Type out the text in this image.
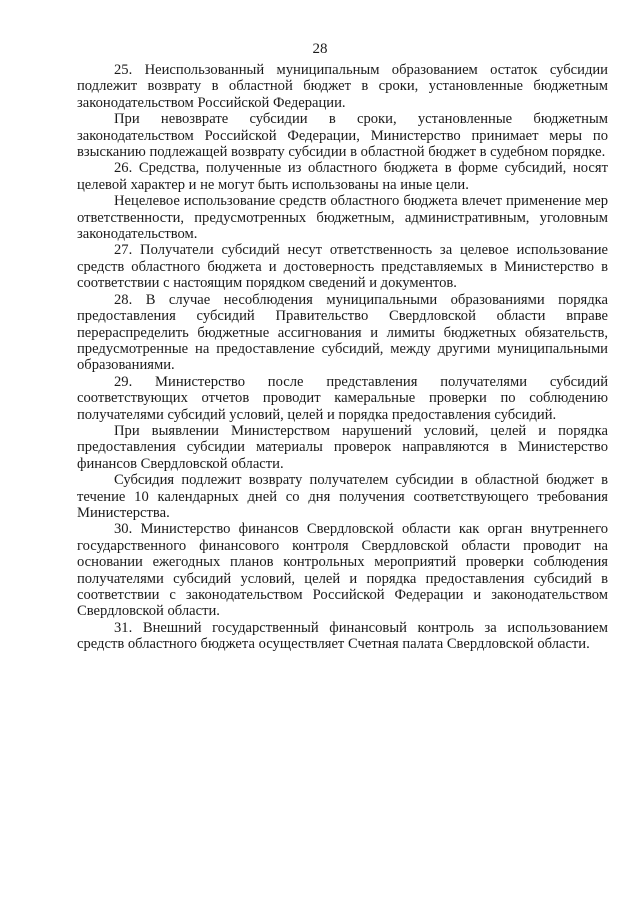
28

25. Неиспользованный муниципальным образованием остаток субсидии подлежит возврату в областной бюджет в сроки, установленные бюджетным законодательством Российской Федерации.

При невозврате субсидии в сроки, установленные бюджетным законодательством Российской Федерации, Министерство принимает меры по взысканию подлежащей возврату субсидии в областной бюджет в судебном порядке.

26. Средства, полученные из областного бюджета в форме субсидий, носят целевой характер и не могут быть использованы на иные цели.

Нецелевое использование средств областного бюджета влечет применение мер ответственности, предусмотренных бюджетным, административным, уголовным законодательством.

27. Получатели субсидий несут ответственность за целевое использование средств областного бюджета и достоверность представляемых в Министерство в соответствии с настоящим порядком сведений и документов.

28. В случае несоблюдения муниципальными образованиями порядка предоставления субсидий Правительство Свердловской области вправе перераспределить бюджетные ассигнования и лимиты бюджетных обязательств, предусмотренные на предоставление субсидий, между другими муниципальными образованиями.

29. Министерство после представления получателями субсидий соответствующих отчетов проводит камеральные проверки по соблюдению получателями субсидий условий, целей и порядка предоставления субсидий.

При выявлении Министерством нарушений условий, целей и порядка предоставления субсидии материалы проверок направляются в Министерство финансов Свердловской области.

Субсидия подлежит возврату получателем субсидии в областной бюджет в течение 10 календарных дней со дня получения соответствующего требования Министерства.

30. Министерство финансов Свердловской области как орган внутреннего государственного финансового контроля Свердловской области проводит на основании ежегодных планов контрольных мероприятий проверки соблюдения получателями субсидий условий, целей и порядка предоставления субсидий в соответствии с законодательством Российской Федерации и законодательством Свердловской области.

31. Внешний государственный финансовый контроль за использованием средств областного бюджета осуществляет Счетная палата Свердловской области.
